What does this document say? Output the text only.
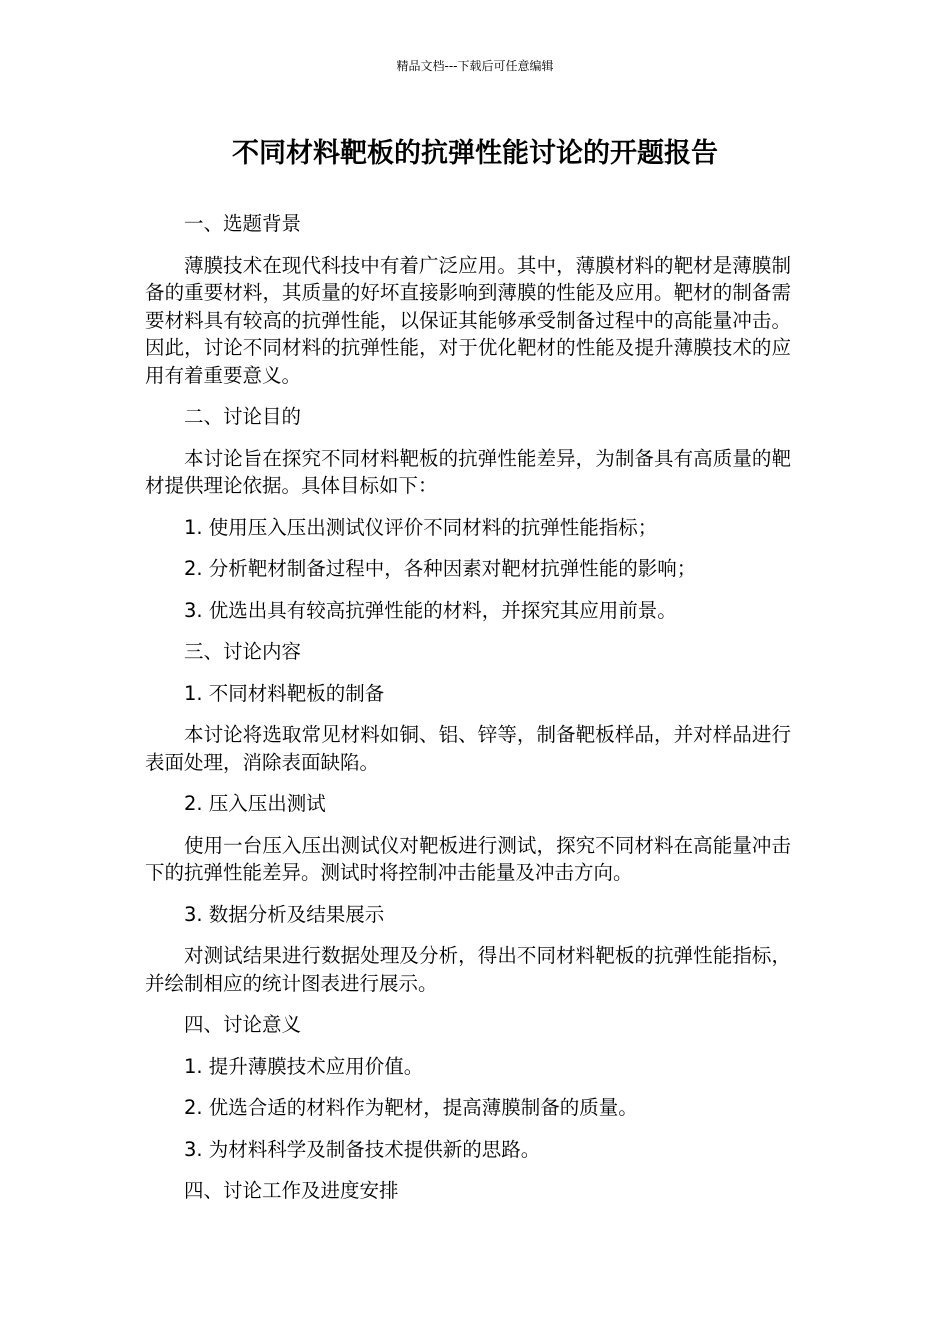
精品文档---下载后可任意编辑
不同材料靶板的抗弹性能讨论的开题报告

一、选题背景

薄膜技术在现代科技中有着广泛应用。其中，薄膜材料的靶材是薄膜制备的重要材料，其质量的好坏直接影响到薄膜的性能及应用。靶材的制备需要材料具有较高的抗弹性能，以保证其能够承受制备过程中的高能量冲击。因此，讨论不同材料的抗弹性能，对于优化靶材的性能及提升薄膜技术的应用有着重要意义。

二、讨论目的

本讨论旨在探究不同材料靶板的抗弹性能差异，为制备具有高质量的靶材提供理论依据。具体目标如下：

1. 使用压入压出测试仪评价不同材料的抗弹性能指标；

2. 分析靶材制备过程中，各种因素对靶材抗弹性能的影响；

3. 优选出具有较高抗弹性能的材料，并探究其应用前景。

三、讨论内容

1. 不同材料靶板的制备

本讨论将选取常见材料如铜、铝、锌等，制备靶板样品，并对样品进行表面处理，消除表面缺陷。

2. 压入压出测试

使用一台压入压出测试仪对靶板进行测试，探究不同材料在高能量冲击下的抗弹性能差异。测试时将控制冲击能量及冲击方向。

3. 数据分析及结果展示

对测试结果进行数据处理及分析，得出不同材料靶板的抗弹性能指标，并绘制相应的统计图表进行展示。

四、讨论意义

1. 提升薄膜技术应用价值。

2. 优选合适的材料作为靶材，提高薄膜制备的质量。

3. 为材料科学及制备技术提供新的思路。

四、讨论工作及进度安排
